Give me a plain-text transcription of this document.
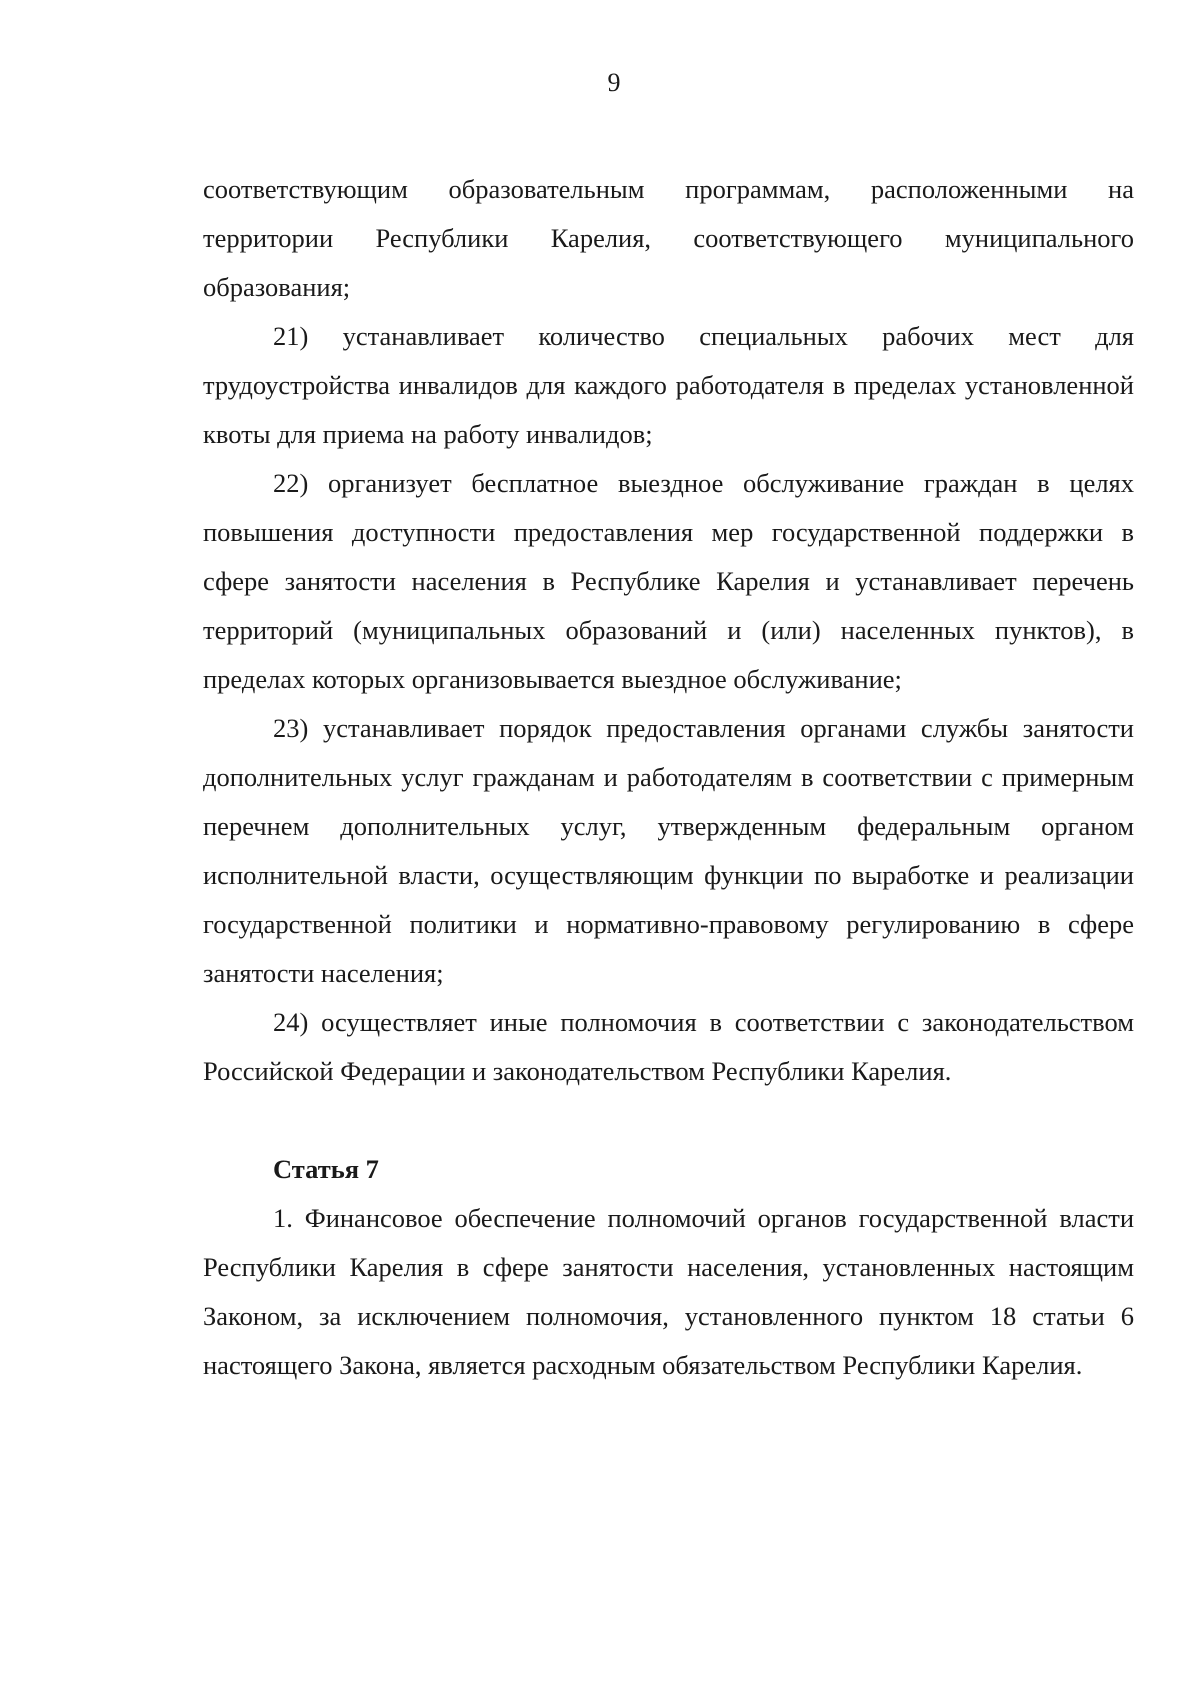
9

соответствующим образовательным программам, расположенными на территории Республики Карелия, соответствующего муниципального образования;

21) устанавливает количество специальных рабочих мест для трудоустройства инвалидов для каждого работодателя в пределах установленной квоты для приема на работу инвалидов;

22) организует бесплатное выездное обслуживание граждан в целях повышения доступности предоставления мер государственной поддержки в сфере занятости населения в Республике Карелия и устанавливает перечень территорий (муниципальных образований и (или) населенных пунктов), в пределах которых организовывается выездное обслуживание;

23) устанавливает порядок предоставления органами службы занятости дополнительных услуг гражданам и работодателям в соответствии с примерным перечнем дополнительных услуг, утвержденным федеральным органом исполнительной власти, осуществляющим функции по выработке и реализации государственной политики и нормативно-правовому регулированию в сфере занятости населения;

24) осуществляет иные полномочия в соответствии с законодательством Российской Федерации и законодательством Республики Карелия.

Статья 7

1. Финансовое обеспечение полномочий органов государственной власти Республики Карелия в сфере занятости населения, установленных настоящим Законом, за исключением полномочия, установленного пунктом 18 статьи 6 настоящего Закона, является расходным обязательством Республики Карелия.
